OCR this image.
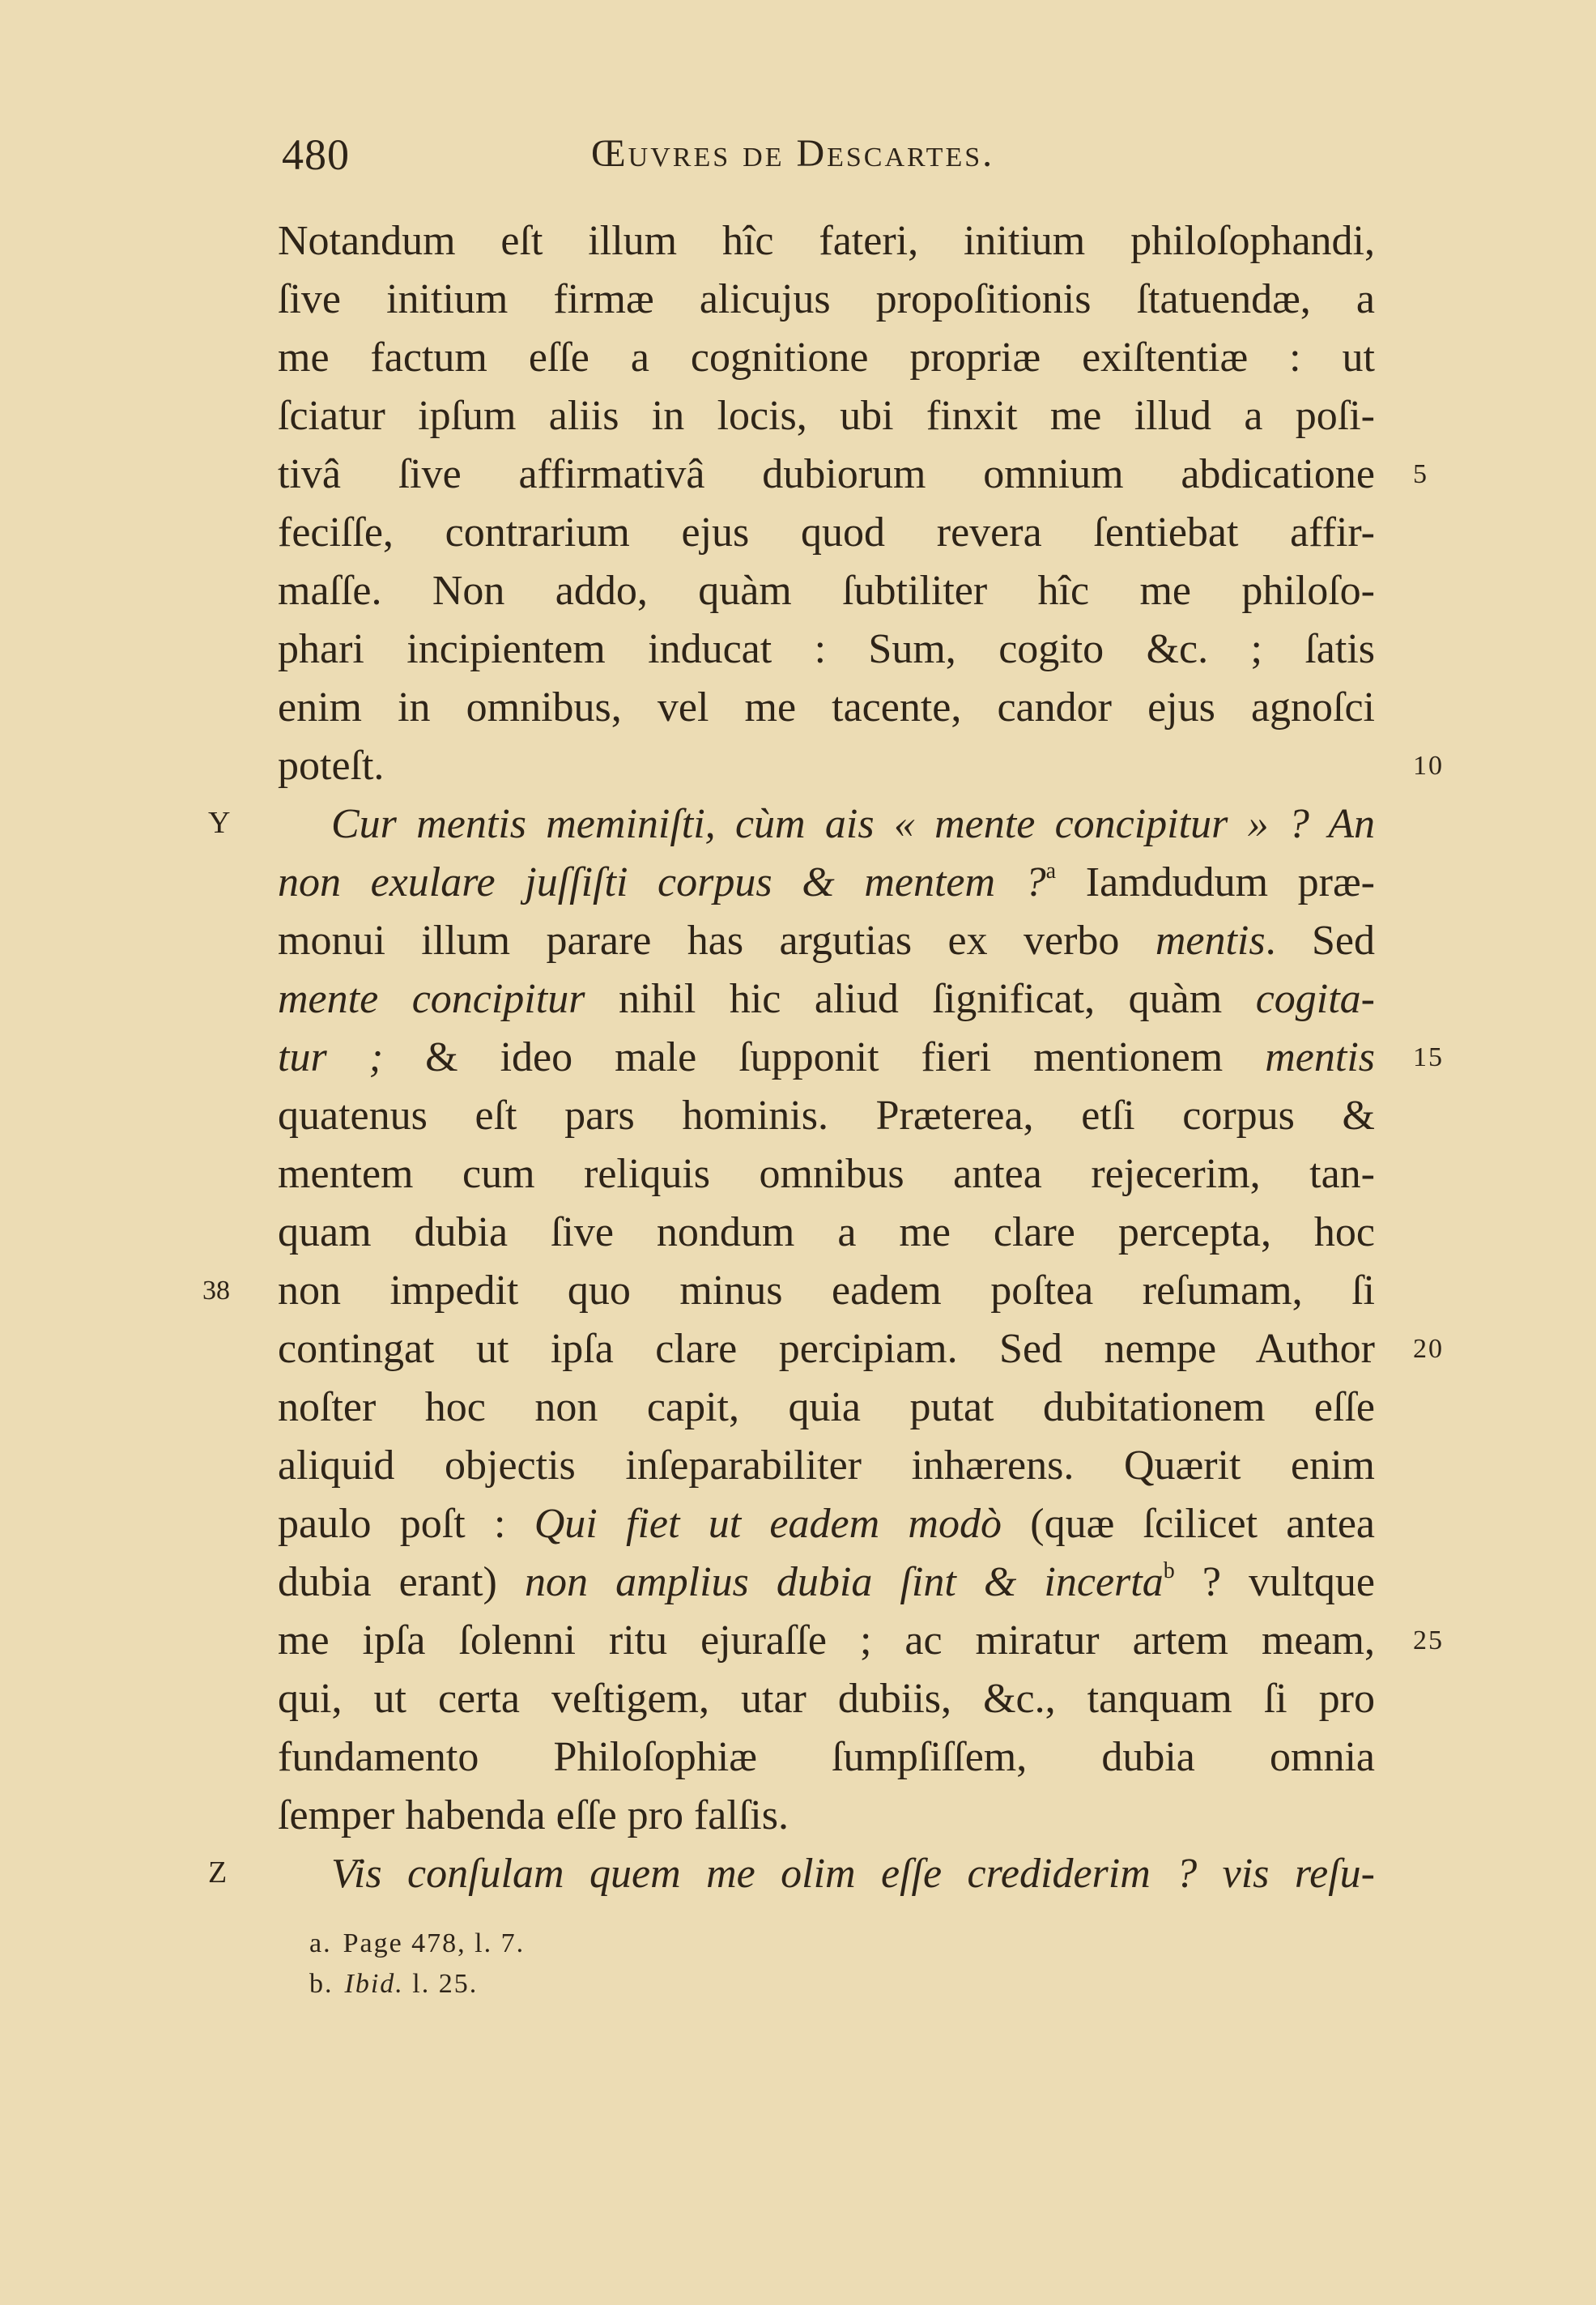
480	Œuvres de Descartes.
Notandum eſt illum hîc fateri, initium philoſophandi,
ſive initium firmæ alicujus propoſitionis ſtatuendæ, a
me factum eſſe a cognitione propriæ exiſtentiæ : ut
ſciatur ipſum aliis in locis, ubi finxit me illud a poſi-
tivâ ſive affirmativâ dubiorum omnium abdicatione 5
feciſſe, contrarium ejus quod revera ſentiebat affir-
maſſe. Non addo, quàm ſubtiliter hîc me philoſo-
phari incipientem inducat : Sum, cogito &c. ; ſatis
enim in omnibus, vel me tacente, candor ejus agnoſci
poteſt.	10
Cur mentis meminiſti, cùm ais « mente concipitur » ? An
Y
non exulare juſſiſti corpus & mentem ?$^a$ Iamdudum præ-
monui illum parare has argutias ex verbo mentis. Sed
mente concipitur nihil hic aliud ſignificat, quàm cogita-
tur ; & ideo male ſupponit fieri mentionem mentis 15
quatenus eſt pars hominis. Præterea, etſi corpus &
mentem cum reliquis omnibus antea rejecerim, tan-
quam dubia ſive nondum a me clare percepta, hoc
non impedit quo minus eadem poſtea reſumam, ſi
38
contingat ut ipſa clare percipiam. Sed nempe Author 20
noſter hoc non capit, quia putat dubitationem eſſe
aliquid objectis inſeparabiliter inhærens. Quærit enim
paulo poſt : Qui fiet ut eadem modò (quæ ſcilicet antea
dubia erant) non amplius dubia ſint & incerta$^b$ ? vultque
me ipſa ſolenni ritu ejuraſſe ; ac miratur artem meam, 25
qui, ut certa veſtigem, utar dubiis, &c., tanquam ſi pro
fundamento Philoſophiæ ſumpſiſſem, dubia omnia
ſemper habenda eſſe pro falſis.
Vis conſulam quem me olim eſſe crediderim ? vis reſu-
Z
a. Page 478, l. 7.
b. Ibid. l. 25.
